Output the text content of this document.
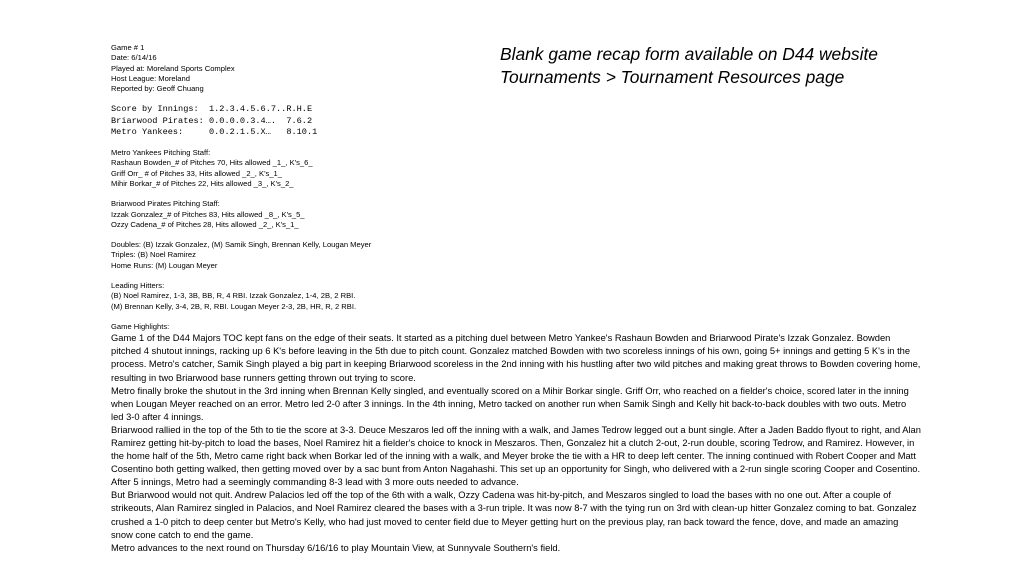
Game # 1
Date: 6/14/16
Played at: Moreland Sports Complex
Host League: Moreland
Reported by: Geoff Chuang
Score by Innings:  1.2.3.4.5.6.7..R.H.E
Briarwood Pirates: 0.0.0.0.3.4….  7.6.2
Metro Yankees:     0.0.2.1.5.X…   8.10.1
Metro Yankees Pitching Staff:
Rashaun Bowden_# of Pitches 70, Hits allowed _1_, K's_6_
Griff Orr_ # of Pitches 33, Hits allowed _2_, K's_1_
Mihir Borkar_# of Pitches 22, Hits allowed _3_, K's_2_
Briarwood Pirates Pitching Staff:
Izzak Gonzalez_# of Pitches 83, Hits allowed _8_, K's_5_
Ozzy Cadena_# of Pitches 28, Hits allowed _2_, K's_1_
Doubles: (B) Izzak Gonzalez, (M) Samik Singh, Brennan Kelly, Lougan Meyer
Triples: (B) Noel Ramirez
Home Runs: (M) Lougan Meyer
Leading Hitters:
(B) Noel Ramirez, 1-3, 3B, BB, R, 4 RBI. Izzak Gonzalez, 1-4, 2B, 2 RBI.
(M) Brennan Kelly, 3-4, 2B, R, RBI. Lougan Meyer 2-3, 2B, HR, R, 2 RBI.
Game Highlights:

Game 1 of the D44 Majors TOC kept fans on the edge of their seats. It started as a pitching duel between Metro Yankee's Rashaun Bowden and Briarwood Pirate's Izzak Gonzalez. Bowden pitched 4 shutout innings, racking up 6 K's before leaving in the 5th due to pitch count. Gonzalez matched Bowden with two scoreless innings of his own, going 5+ innings and getting 5 K's in the process. Metro's catcher, Samik Singh played a big part in keeping Briarwood scoreless in the 2nd inning with his hustling after two wild pitches and making great throws to Bowden covering home, resulting in two Briarwood base runners getting thrown out trying to score.

Metro finally broke the shutout in the 3rd inning when Brennan Kelly singled, and eventually scored on a Mihir Borkar single. Griff Orr, who reached on a fielder's choice, scored later in the inning when Lougan Meyer reached on an error. Metro led 2-0 after 3 innings. In the 4th inning, Metro tacked on another run when Samik Singh and Kelly hit back-to-back doubles with two outs. Metro led 3-0 after 4 innings.

Briarwood rallied in the top of the 5th to tie the score at 3-3. Deuce Meszaros led off the inning with a walk, and James Tedrow legged out a bunt single. After a Jaden Baddo flyout to right, and Alan Ramirez getting hit-by-pitch to load the bases, Noel Ramirez hit a fielder's choice to knock in Meszaros. Then, Gonzalez hit a clutch 2-out, 2-run double, scoring Tedrow, and Ramirez. However, in the home half of the 5th, Metro came right back when Borkar led of the inning with a walk, and Meyer broke the tie with a HR to deep left center. The inning continued with Robert Cooper and Matt Cosentino both getting walked, then getting moved over by a sac bunt from Anton Nagahashi. This set up an opportunity for Singh, who delivered with a 2-run single scoring Cooper and Cosentino. After 5 innings, Metro had a seemingly commanding 8-3 lead with 3 more outs needed to advance.

But Briarwood would not quit. Andrew Palacios led off the top of the 6th with a walk, Ozzy Cadena was hit-by-pitch, and Meszaros singled to load the bases with no one out. After a couple of strikeouts, Alan Ramirez singled in Palacios, and Noel Ramirez cleared the bases with a 3-run triple. It was now 8-7 with the tying run on 3rd with clean-up hitter Gonzalez coming to bat. Gonzalez crushed a 1-0 pitch to deep center but Metro's Kelly, who had just moved to center field due to Meyer getting hurt on the previous play, ran back toward the fence, dove, and made an amazing snow cone catch to end the game.

Metro advances to the next round on Thursday 6/16/16 to play Mountain View, at Sunnyvale Southern's field.

Blank game recap form available on D44 website
Tournaments > Tournament Resources page
